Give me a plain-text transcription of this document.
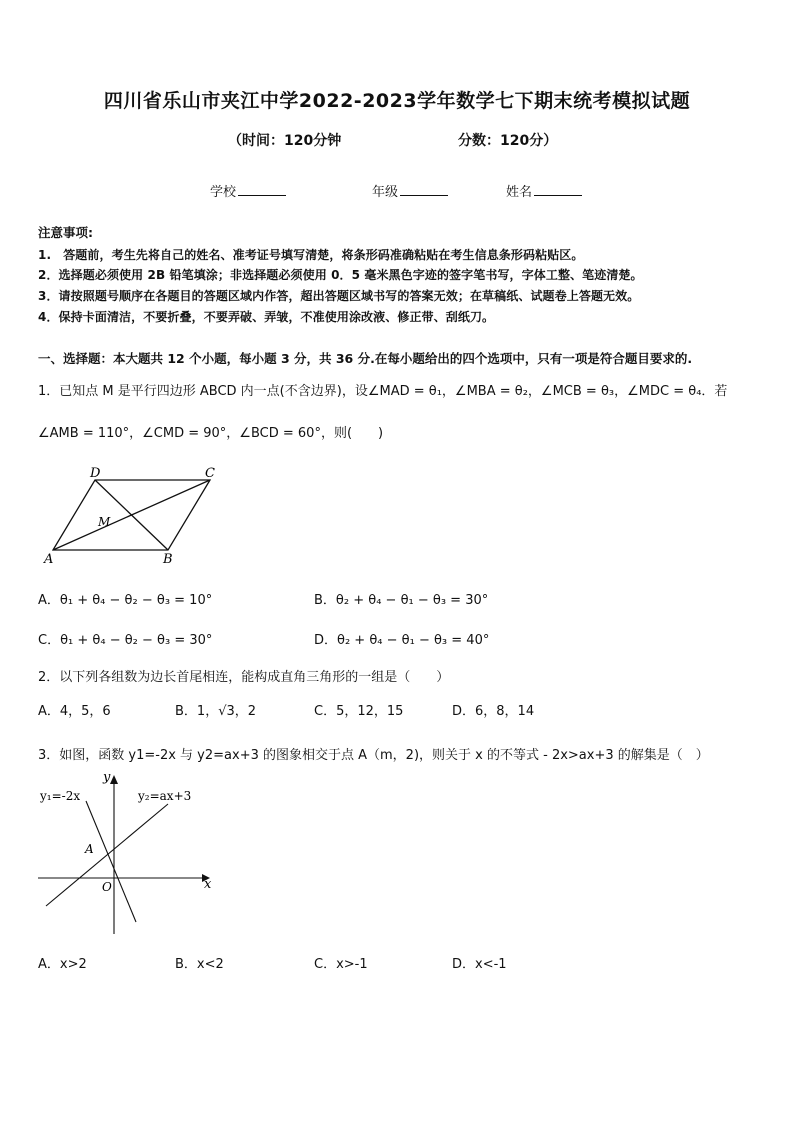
四川省乐山市夹江中学2022-2023学年数学七下期末统考模拟试题
（时间：120分钟	分数：120分）
学校	年级	姓名
注意事项:
1.　答题前，考生先将自己的姓名、准考证号填写清楚，将条形码准确粘贴在考生信息条形码粘贴区。
2．选择题必须使用 2B 铅笔填涂；非选择题必须使用 0．5 毫米黑色字迹的签字笔书写，字体工整、笔迹清楚。
3．请按照题号顺序在各题目的答题区域内作答，超出答题区域书写的答案无效；在草稿纸、试题卷上答题无效。
4．保持卡面清洁，不要折叠，不要弄破、弄皱，不准使用涂改液、修正带、刮纸刀。
一、选择题：本大题共 12 个小题，每小题 3 分，共 36 分.在每小题给出的四个选项中，只有一项是符合题目要求的.
1．已知点 M 是平行四边形 ABCD 内一点(不含边界)，设∠MAD = θ₁，∠MBA = θ₂，∠MCB = θ₃，∠MDC = θ₄．若
∠AMB = 110°，∠CMD = 90°，∠BCD = 60°，则(　　)
D	C
M
A	B
A．θ₁ + θ₄ − θ₂ − θ₃ = 10°	B．θ₂ + θ₄ − θ₁ − θ₃ = 30°
C．θ₁ + θ₄ − θ₂ − θ₃ = 30°	D．θ₂ + θ₄ − θ₁ − θ₃ = 40°
2．以下列各组数为边长首尾相连，能构成直角三角形的一组是（　　）
A．4，5，6	B．1，√3，2	C．5，12，15	D．6，8，14
3．如图，函数 y1=-2x 与 y2=ax+3 的图象相交于点 A（m，2)，则关于 x 的不等式 - 2x>ax+3 的解集是（　）
y₁=-2x	y₂=ax+3
y
x
O
A
A．x>2	B．x<2	C．x>-1	D．x<-1
